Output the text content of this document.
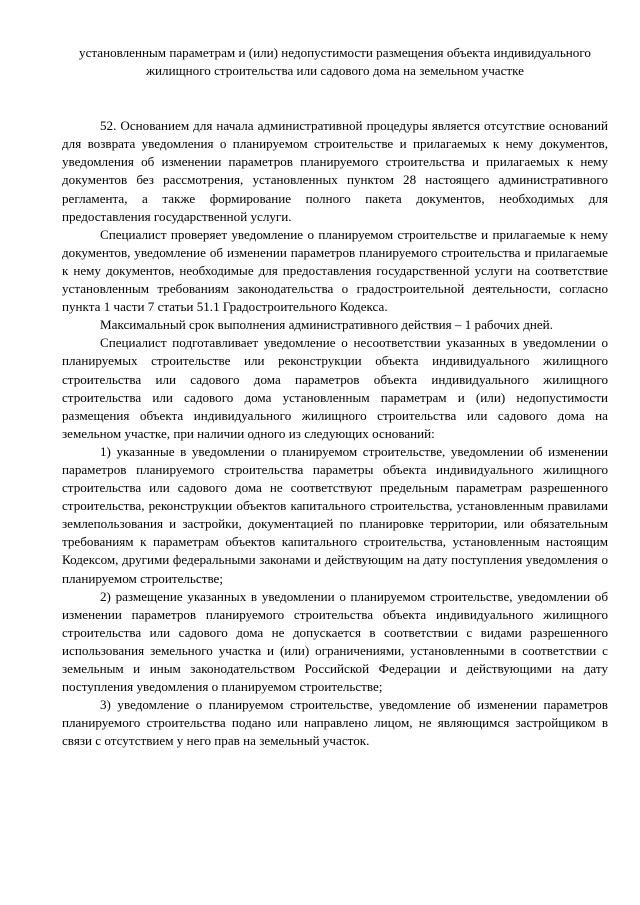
установленным параметрам и (или) недопустимости размещения объекта индивидуального жилищного строительства или садового дома на земельном участке

52. Основанием для начала административной процедуры является отсутствие оснований для возврата уведомления о планируемом строительстве и прилагаемых к нему документов, уведомления об изменении параметров планируемого строительства и прилагаемых к нему документов без рассмотрения, установленных пунктом 28 настоящего административного регламента, а также формирование полного пакета документов, необходимых для предоставления государственной услуги.

Специалист проверяет уведомление о планируемом строительстве и прилагаемые к нему документов, уведомление об изменении параметров планируемого строительства и прилагаемые к нему документов, необходимые для предоставления государственной услуги на соответствие установленным требованиям законодательства о градостроительной деятельности, согласно пункта 1 части 7 статьи 51.1 Градостроительного Кодекса.

Максимальный срок выполнения административного действия – 1 рабочих дней.

Специалист подготавливает уведомление о несоответствии указанных в уведомлении о планируемых строительстве или реконструкции объекта индивидуального жилищного строительства или садового дома параметров объекта индивидуального жилищного строительства или садового дома установленным параметрам и (или) недопустимости размещения объекта индивидуального жилищного строительства или садового дома на земельном участке, при наличии одного из следующих оснований:

1) указанные в уведомлении о планируемом строительстве, уведомлении об изменении параметров планируемого строительства параметры объекта индивидуального жилищного строительства или садового дома не соответствуют предельным параметрам разрешенного строительства, реконструкции объектов капитального строительства, установленным правилами землепользования и застройки, документацией по планировке территории, или обязательным требованиям к параметрам объектов капитального строительства, установленным настоящим Кодексом, другими федеральными законами и действующим на дату поступления уведомления о планируемом строительстве;

2) размещение указанных в уведомлении о планируемом строительстве, уведомлении об изменении параметров планируемого строительства объекта индивидуального жилищного строительства или садового дома не допускается в соответствии с видами разрешенного использования земельного участка и (или) ограничениями, установленными в соответствии с земельным и иным законодательством Российской Федерации и действующими на дату поступления уведомления о планируемом строительстве;

3) уведомление о планируемом строительстве, уведомление об изменении параметров планируемого строительства подано или направлено лицом, не являющимся застройщиком в связи с отсутствием у него прав на земельный участок.
